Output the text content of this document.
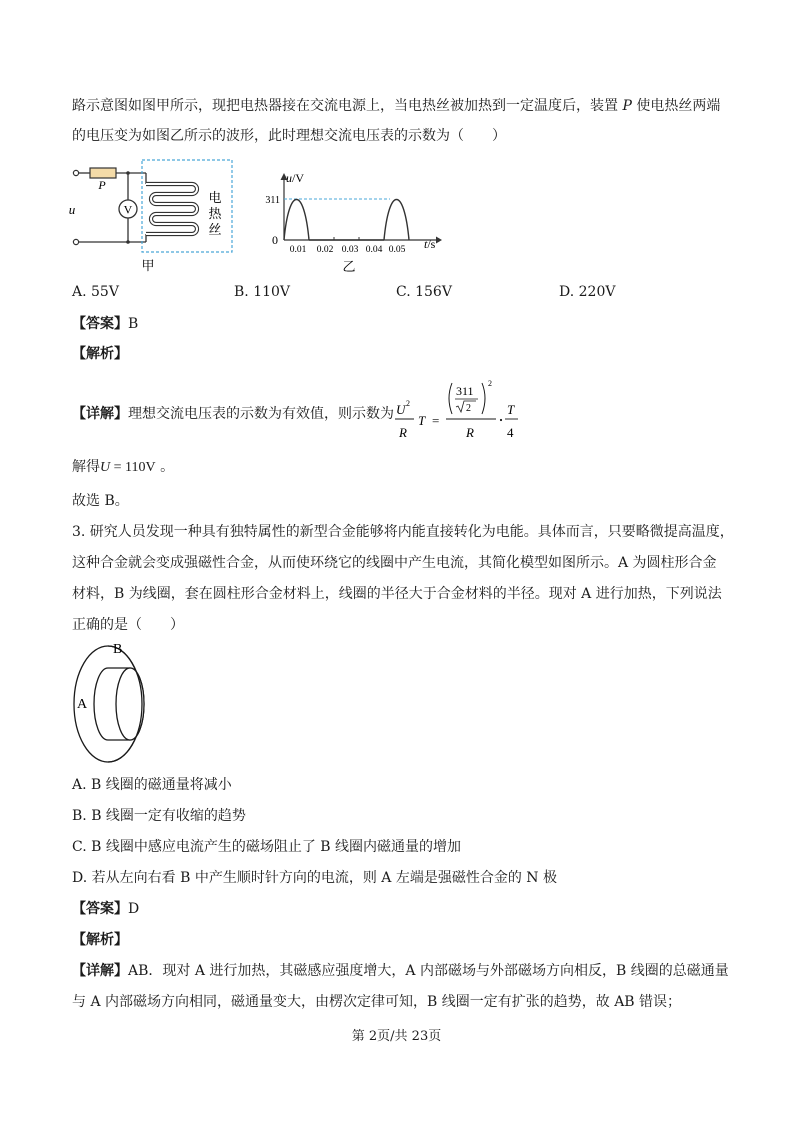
路示意图如图甲所示，现把电热器接在交流电源上，当电热丝被加热到一定温度后，装置 P 使电热丝两端
的电压变为如图乙所示的波形，此时理想交流电压表的示数为（　　）
V
P
u
电
热
丝
甲
u/V
311
0
0.01 0.02 0.03 0.04 0.05 t/s
乙
A. 55V	B. 110V	C. 156V	D. 220V
【答案】B
【解析】
【详解】理想交流电压表的示数为有效值，则示数为 U 2
R
T =
311
2
2
R
T
4
解得U = 110V 。
故选 B。
3. 研究人员发现一种具有独特属性的新型合金能够将内能直接转化为电能。具体而言，只要略微提高温度，
这种合金就会变成强磁性合金，从而使环绕它的线圈中产生电流，其简化模型如图所示。A 为圆柱形合金
材料，B 为线圈，套在圆柱形合金材料上，线圈的半径大于合金材料的半径。现对 A 进行加热，下列说法
正确的是（　　）
B
A
A. B 线圈的磁通量将减小
B. B 线圈一定有收缩的趋势
C. B 线圈中感应电流产生的磁场阻止了 B 线圈内磁通量的增加
D. 若从左向右看 B 中产生顺时针方向的电流，则 A 左端是强磁性合金的 N 极
【答案】D
【解析】
【详解】AB．现对 A 进行加热，其磁感应强度增大，A 内部磁场与外部磁场方向相反，B 线圈的总磁通量
与 A 内部磁场方向相同，磁通量变大，由楞次定律可知，B 线圈一定有扩张的趋势，故 AB 错误；
第 2页/共 23页
